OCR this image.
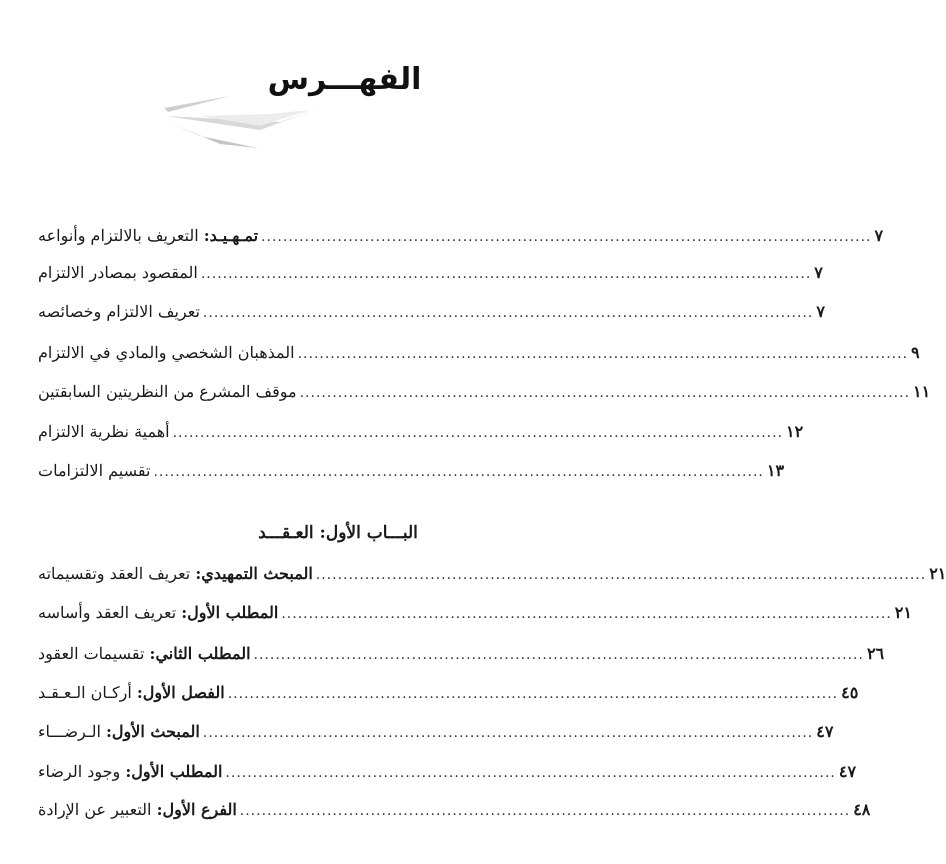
الفهـــرس
تمـهـيـد: التعريف بالالتزام وأنواعه	................................................................................................................ ٧
المقصود بمصادر الالتزام ................................................................................................................ ٧
تعريف الالتزام وخصائصه ................................................................................................................ ٧
المذهبان الشخصي والمادي في الالتزام ................................................................................................................ ٩
موقف المشرع من النظريتين السابقتين ................................................................................................................ ١١
أهمية نظرية الالتزام ................................................................................................................ ١٢
تقسيم الالتزامات ................................................................................................................ ١٣
البـــاب الأول: العـقـــد
المبحث التمهيدي: تعريف العقد وتقسيماته	................................................................................................................ ٢١
المطلب الأول: تعريف العقد وأساسه	................................................................................................................ ٢١
المطلب الثاني: تقسيمات العقود	................................................................................................................ ٢٦
الفصل الأول: أركـان الـعـقـد	................................................................................................................ ٤٥
المبحث الأول: الـرضـــاء	................................................................................................................ ٤٧
المطلب الأول: وجود الرضاء	................................................................................................................ ٤٧
الفرع الأول: التعبير عن الإرادة	................................................................................................................ ٤٨
